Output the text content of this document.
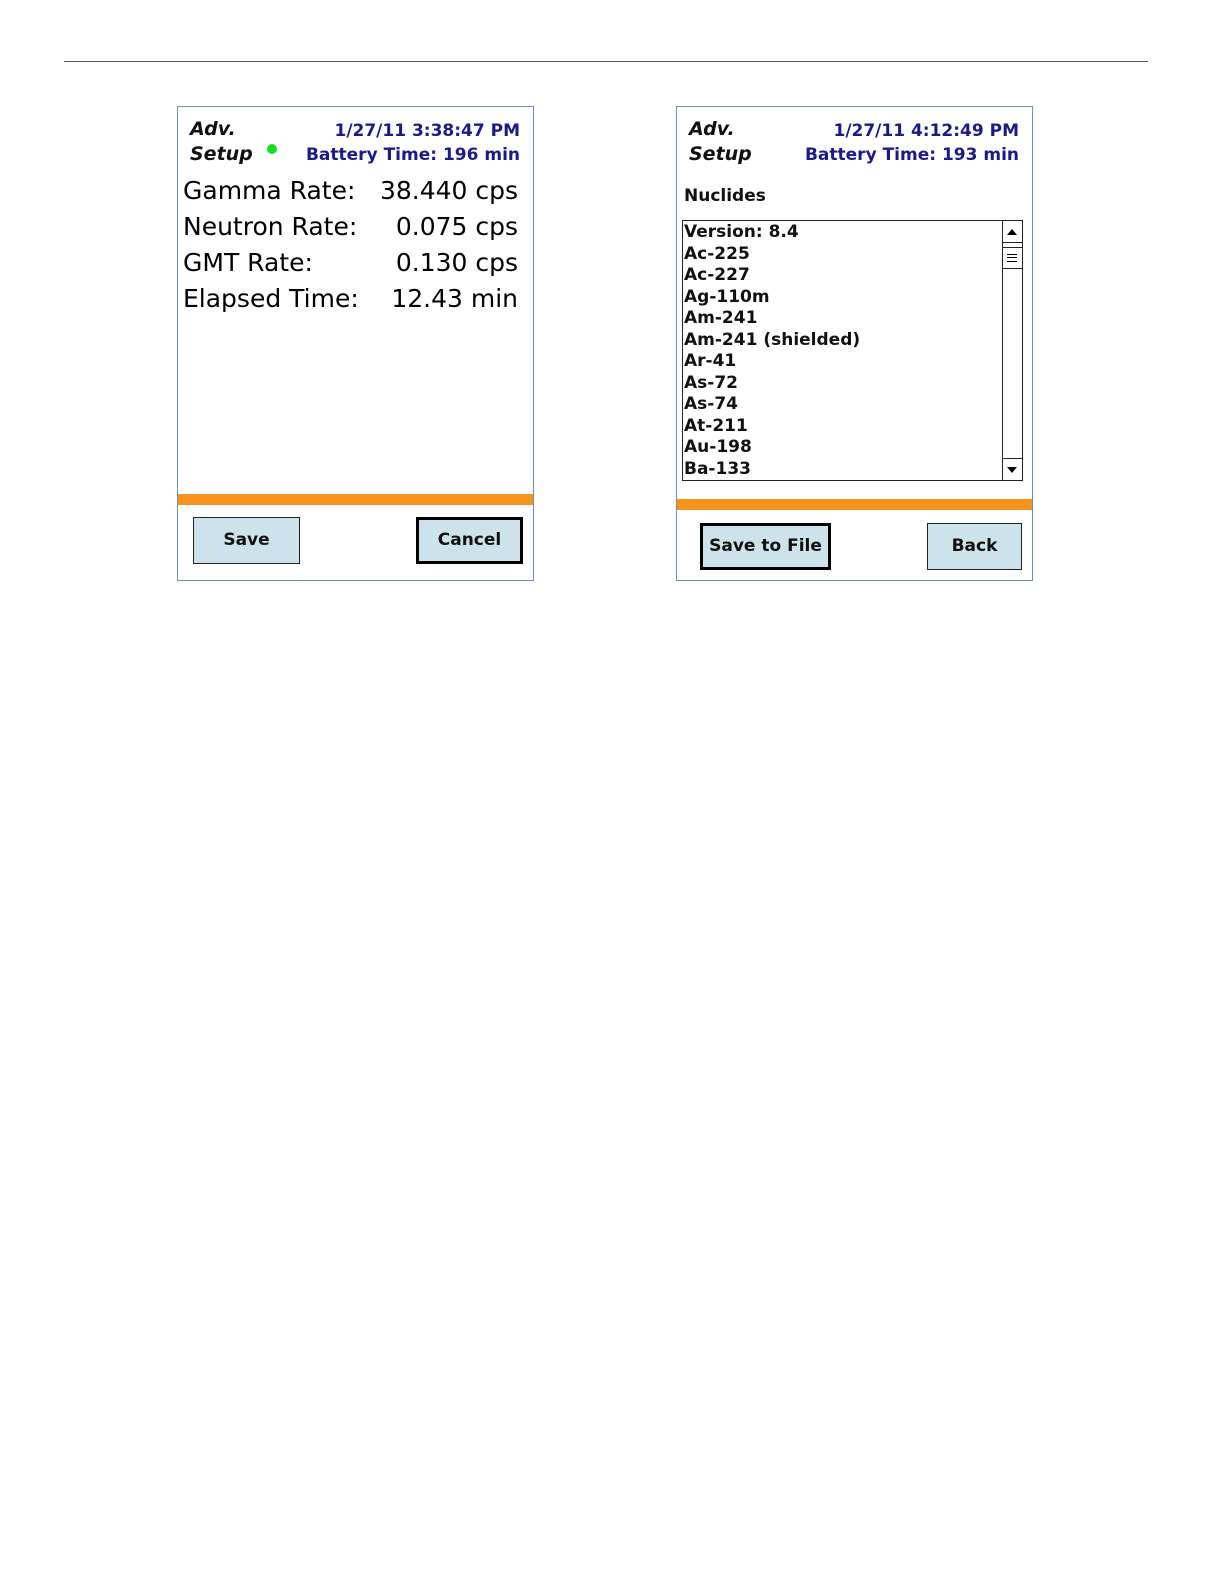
Adv.
Setup
1/27/11 3:38:47 PM
Battery Time: 196 min
Gamma Rate: 38.440 cps
Neutron Rate: 0.075 cps
GMT Rate:	0.130 cps
Elapsed Time: 12.43 min
Save	Cancel
Adv.
Setup
1/27/11 4:12:49 PM
Battery Time: 193 min
Nuclides
Version: 8.4
Ac-225
Ac-227
Ag-110m
Am-241
Am-241 (shielded)
Ar-41
As-72
As-74
At-211
Au-198
Ba-133
Save to File	Back
